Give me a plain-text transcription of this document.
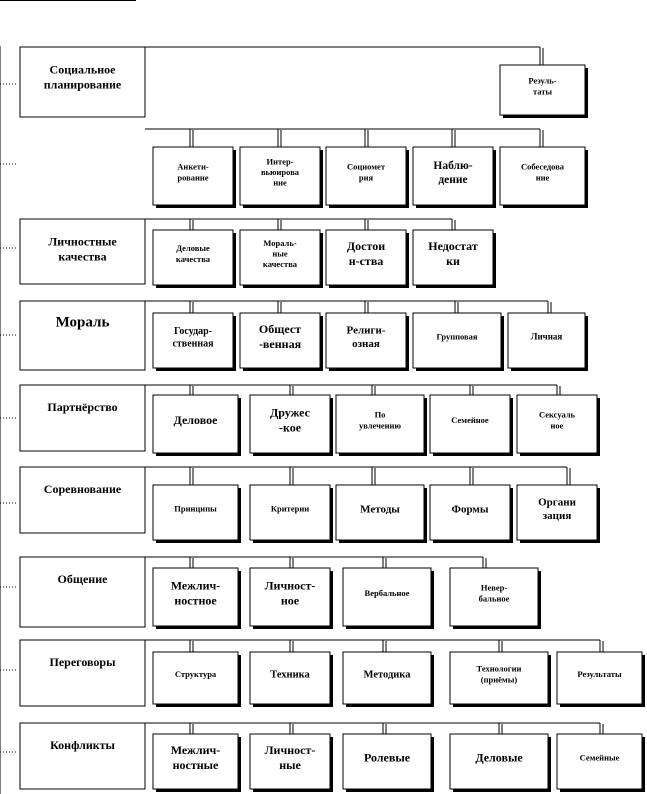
Социальное планирование	Резуль-таты
Анкети-рование
Интер-вьюирова ние
Социомет рия
Наблю-дение
Собеседова ние
Личностные качества
Деловые качества
Мораль-ные качества
Достои н-ства
Недостат ки
Мораль
Государ-ственная
Общест -венная
Религи-озная
Групповая	Личная
Партнёрство
Деловое
Дружес -кое
По увлечению
Семейное
Сексуаль ное
Соревнование
Принципы	Критерии	Методы	Формы
Органи зация
Общение	Межлич-ностное
Личност-ное
Вербальное
Невер-бальное
Переговоры
Структура	Техника	Методика
Технологии (приёмы)
Результаты
Конфликты	Межлич-ностные
Личност-ные
Ролевые	Деловые	Семейные
